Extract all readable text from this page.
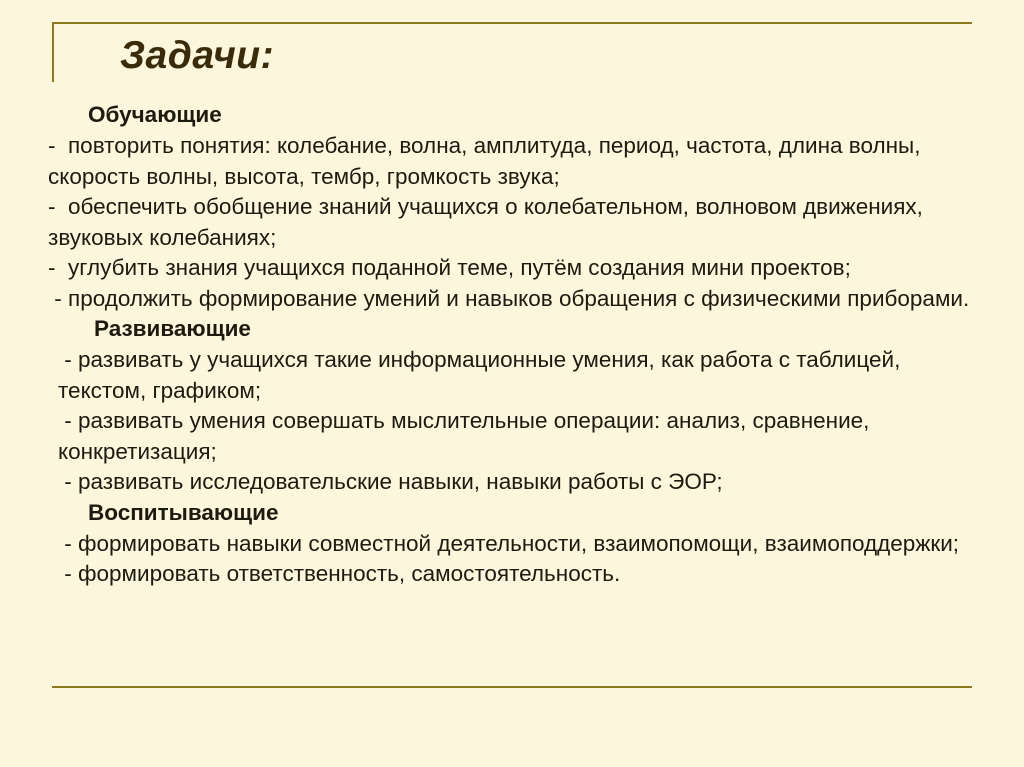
Задачи:
Обучающие

-  повторить понятия: колебание, волна, амплитуда, период, частота, длина волны, скорость волны, высота, тембр, громкость звука;

-  обеспечить обобщение знаний учащихся о колебательном, волновом движениях, звуковых колебаниях;

-  углубить знания учащихся поданной теме, путём создания мини проектов;

- продолжить формирование умений и навыков обращения с физическими приборами.

Развивающие

- развивать у учащихся такие информационные умения, как работа с таблицей, текстом, графиком;

- развивать умения совершать мыслительные операции: анализ, сравнение, конкретизация;

- развивать исследовательские навыки, навыки работы с ЭОР;

Воспитывающие

- формировать навыки совместной деятельности, взаимопомощи, взаимоподдержки;

- формировать ответственность, самостоятельность.
